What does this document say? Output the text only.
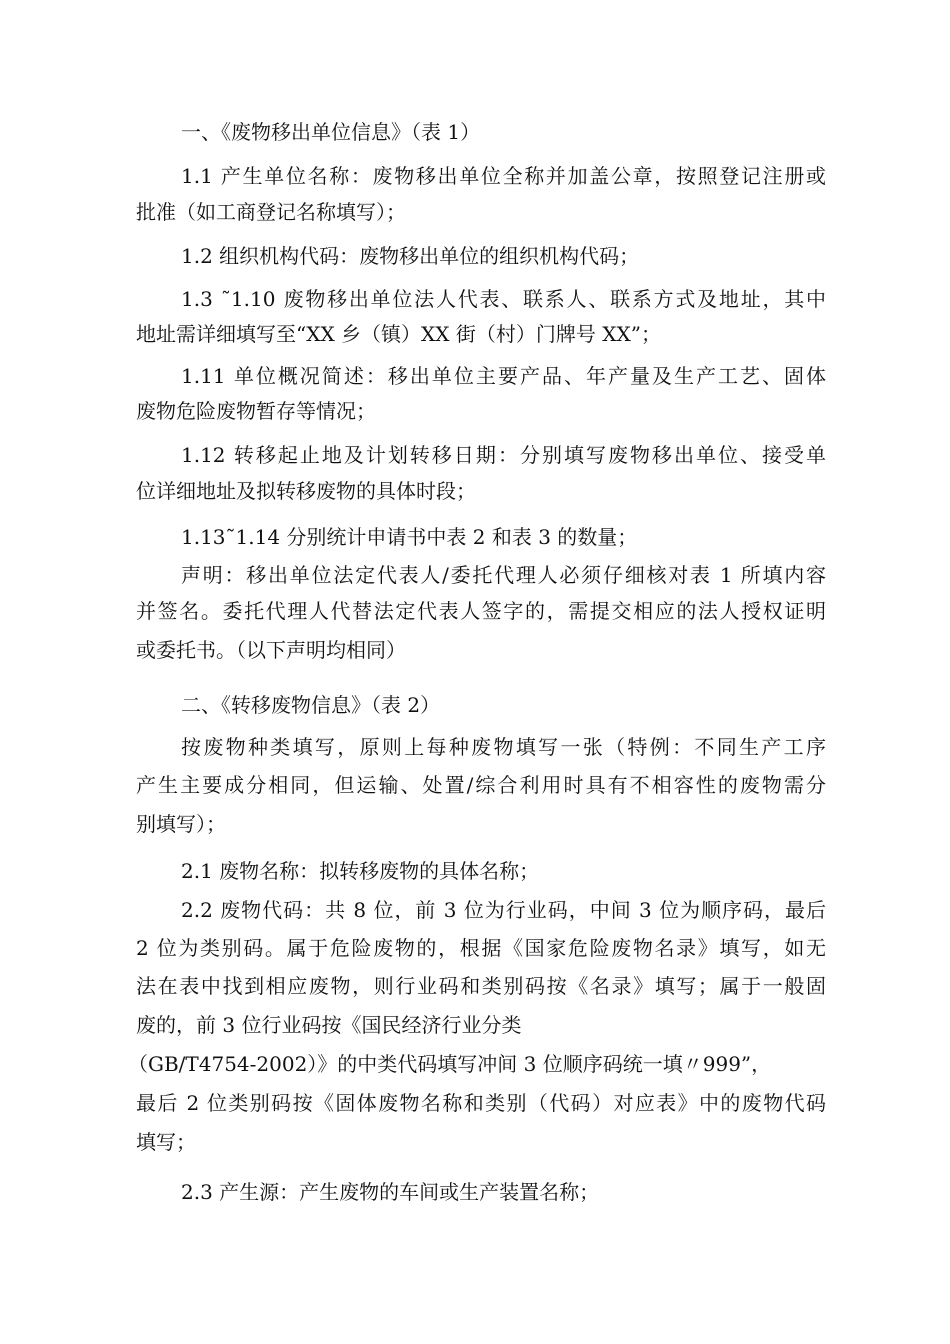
一、《废物移出单位信息》（表 1）
1.1 产生单位名称：废物移出单位全称并加盖公章，按照登记注册或
批准（如工商登记名称填写）；
1.2 组织机构代码：废物移出单位的组织机构代码；
1.3 ˜1.10 废物移出单位法人代表、联系人、联系方式及地址，其中
地址需详细填写至“XX 乡（镇）XX 街（村）门牌号 XX”；
1.11 单位概况简述：移出单位主要产品、年产量及生产工艺、固体
废物危险废物暂存等情况；
1.12 转移起止地及计划转移日期：分别填写废物移出单位、接受单
位详细地址及拟转移废物的具体时段；
1.13˜1.14 分别统计申请书中表 2 和表 3 的数量；
声明：移出单位法定代表人/委托代理人必须仔细核对表 1 所填内容
并签名。委托代理人代替法定代表人签字的，需提交相应的法人授权证明
或委托书。（以下声明均相同）
二、《转移废物信息》（表 2）
按废物种类填写，原则上每种废物填写一张（特例：不同生产工序
产生主要成分相同，但运输、处置/综合利用时具有不相容性的废物需分
别填写）；
2.1 废物名称：拟转移废物的具体名称；
2.2 废物代码：共 8 位，前 3 位为行业码，中间 3 位为顺序码，最后
2 位为类别码。属于危险废物的，根据《国家危险废物名录》填写，如无
法在表中找到相应废物，则行业码和类别码按《名录》填写；属于一般固
废的，前 3 位行业码按《国民经济行业分类
（GB/T4754-2002）》的中类代码填写冲间 3 位顺序码统一填〃999”，
最后 2 位类别码按《固体废物名称和类别（代码）对应表》中的废物代码
填写；
2.3 产生源：产生废物的车间或生产装置名称；
